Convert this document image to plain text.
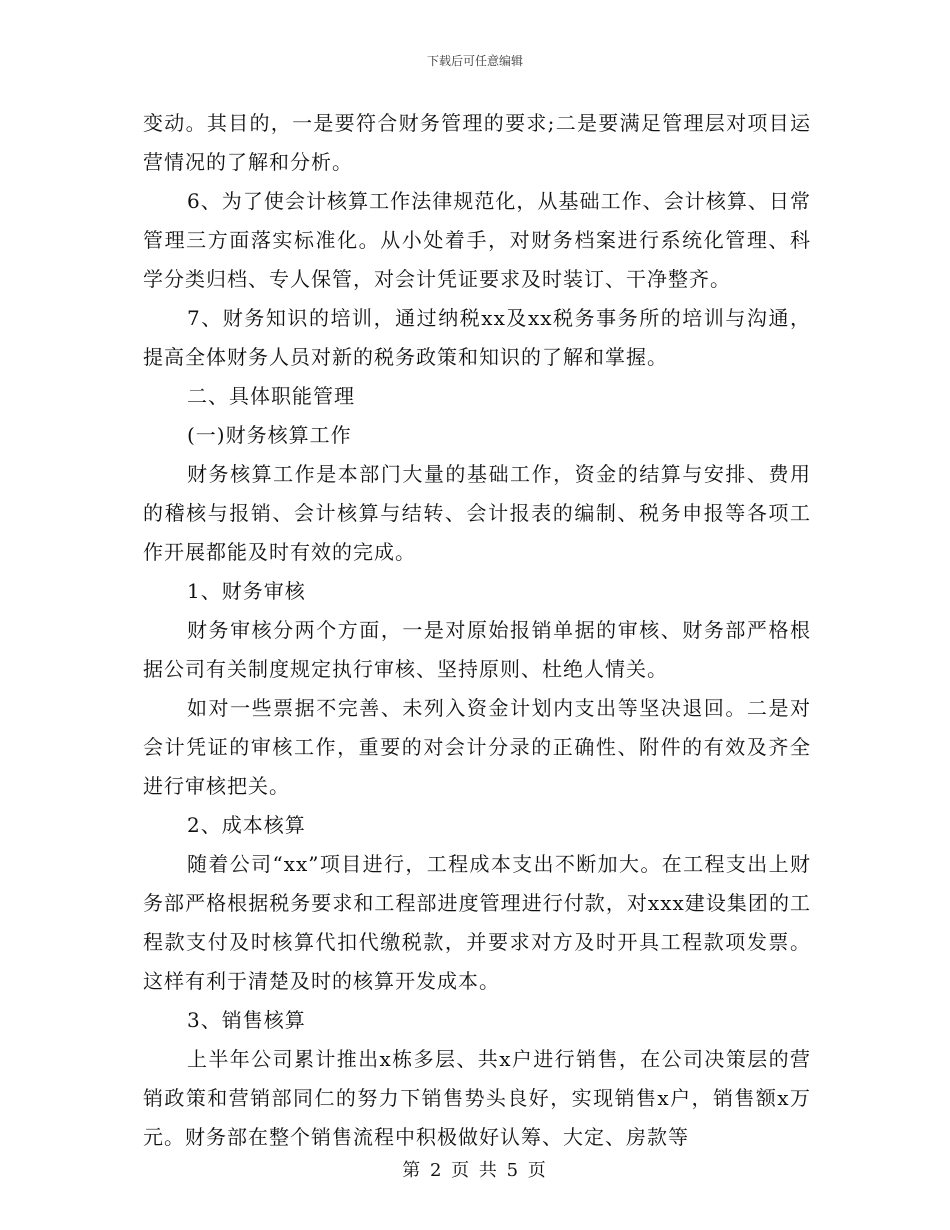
下载后可任意编辑

变动。其目的，一是要符合财务管理的要求;二是要满足管理层对项目运营情况的了解和分析。

6、为了使会计核算工作法律规范化，从基础工作、会计核算、日常管理三方面落实标准化。从小处着手，对财务档案进行系统化管理、科学分类归档、专人保管，对会计凭证要求及时装订、干净整齐。

7、财务知识的培训，通过纳税xx及xx税务事务所的培训与沟通，提高全体财务人员对新的税务政策和知识的了解和掌握。

二、具体职能管理

(一)财务核算工作

财务核算工作是本部门大量的基础工作，资金的结算与安排、费用的稽核与报销、会计核算与结转、会计报表的编制、税务申报等各项工作开展都能及时有效的完成。

1、财务审核

财务审核分两个方面，一是对原始报销单据的审核、财务部严格根据公司有关制度规定执行审核、坚持原则、杜绝人情关。

如对一些票据不完善、未列入资金计划内支出等坚决退回。二是对会计凭证的审核工作，重要的对会计分录的正确性、附件的有效及齐全进行审核把关。

2、成本核算

随着公司“xx”项目进行，工程成本支出不断加大。在工程支出上财务部严格根据税务要求和工程部进度管理进行付款，对xxx建设集团的工程款支付及时核算代扣代缴税款，并要求对方及时开具工程款项发票。这样有利于清楚及时的核算开发成本。

3、销售核算

上半年公司累计推出x栋多层、共x户进行销售，在公司决策层的营销政策和营销部同仁的努力下销售势头良好，实现销售x户，销售额x万元。财务部在整个销售流程中积极做好认筹、大定、房款等

第 2 页 共 5 页
